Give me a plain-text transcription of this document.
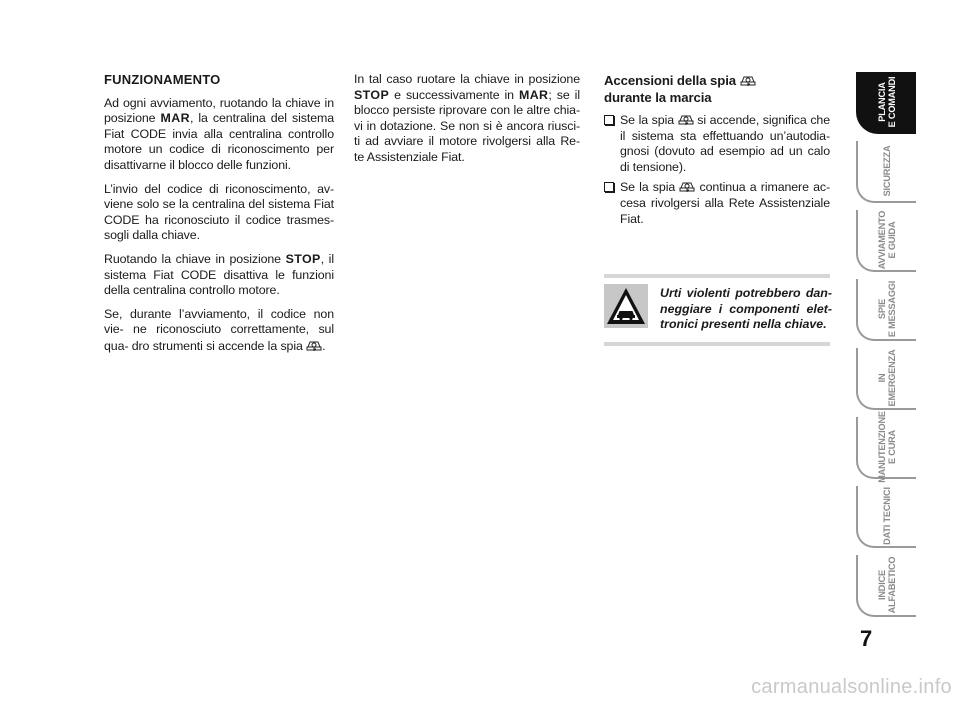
FUNZIONAMENTO

Ad ogni avviamento, ruotando la chiave in posizione MAR, la centralina del sistema Fiat CODE invia alla centralina controllo motore un codice di riconoscimento per disattivarne il blocco delle funzioni.

L’invio del codice di riconoscimento, av- viene solo se la centralina del sistema Fiat CODE ha riconosciuto il codice trasmes- sogli dalla chiave.

Ruotando la chiave in posizione STOP, il sistema Fiat CODE disattiva le funzioni della centralina controllo motore.

Se, durante l’avviamento, il codice non vie- ne riconosciuto correttamente, sul qua- dro strumenti si accende la spia .

In tal caso ruotare la chiave in posizione STOP e successivamente in MAR; se il blocco persiste riprovare con le altre chia- vi in dotazione. Se non si è ancora riusci- ti ad avviare il motore rivolgersi alla Re- te Assistenziale Fiat.

Accensioni della spia
durante la marcia
Se la spia si accende, significa che il sistema sta effettuando un’autodia- gnosi (dovuto ad esempio ad un calo di tensione).
Se la spia continua a rimanere ac- cesa rivolgersi alla Rete Assistenziale Fiat.
Urti violenti potrebbero dan- neggiare i componenti elet- tronici presenti nella chiave.
PLANCIA
E COMANDI
SICUREZZA
AVVIAMENTO
E GUIDA
SPIE
E MESSAGGI
IN
EMERGENZA
MANUTENZIONE
E CURA
DATI TECNICI
INDICE
ALFABETICO
7
carmanualsonline.info
